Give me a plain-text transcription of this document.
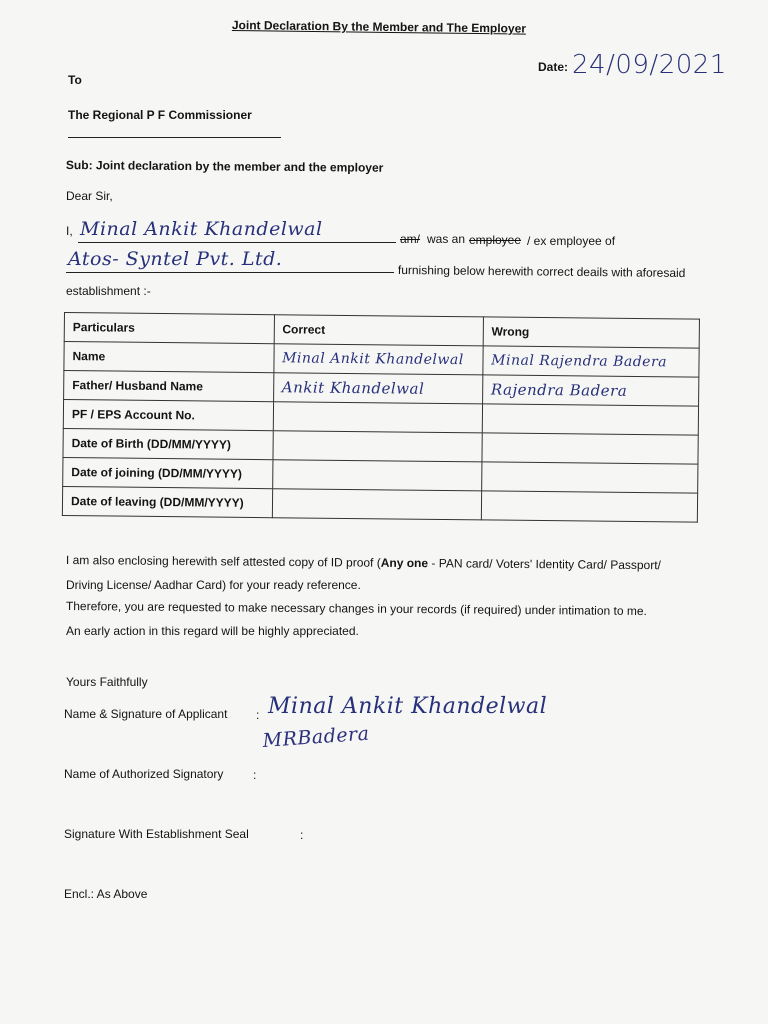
Joint Declaration By the Member and The Employer
Date: 24/09/2021
To
The Regional P F Commissioner
Sub: Joint declaration by the member and the employer
Dear Sir,
I, Minal Ankit Khandelwal	am/ was an employee / ex employee of
Atos- Syntel Pvt. Ltd.
furnishing below herewith correct deails with aforesaid
establishment :-
Particulars	Correct	Wrong
Name	Minal Ankit Khandelwal	Minal Rajendra Badera
Father/ Husband Name	Ankit Khandelwal	Rajendra Badera
PF / EPS Account No.		
Date of Birth (DD/MM/YYYY)		
Date of joining (DD/MM/YYYY)		
Date of leaving (DD/MM/YYYY)		
I am also enclosing herewith self attested copy of ID proof (Any one - PAN card/ Voters' Identity Card/ Passport/
Driving License/ Aadhar Card) for your ready reference.
Therefore, you are requested to make necessary changes in your records (if required) under intimation to me.
An early action in this regard will be highly appreciated.
Yours Faithfully
Name & Signature of Applicant : Minal Ankit Khandelwal
MRBadera
Name of Authorized Signatory :
Signature With Establishment Seal	:
Encl.: As Above
